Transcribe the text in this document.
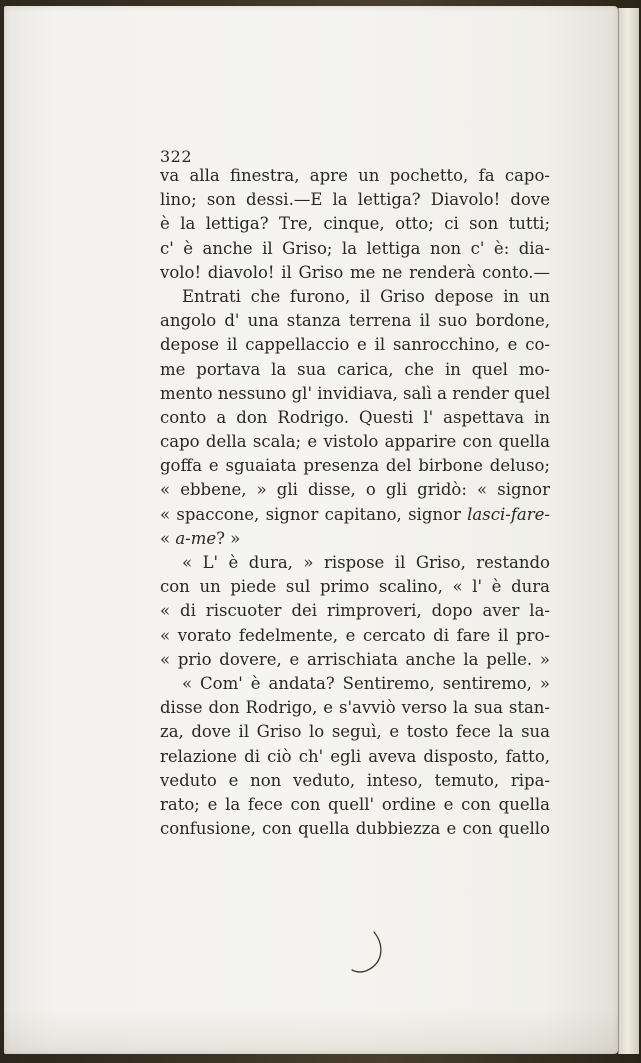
322
va alla finestra, apre un pochetto, fa capo-
lino; son dessi.—E la lettiga? Diavolo! dove
è la lettiga? Tre, cinque, otto; ci son tutti;
c' è anche il Griso; la lettiga non c' è: dia-
volo! diavolo! il Griso me ne renderà conto.—
Entrati che furono, il Griso depose in un
angolo d' una stanza terrena il suo bordone,
depose il cappellaccio e il sanrocchino, e co-
me portava la sua carica, che in quel mo-
mento nessuno gl' invidiava, salì a render quel
conto a don Rodrigo. Questi l' aspettava in
capo della scala; e vistolo apparire con quella
goffa e sguaiata presenza del birbone deluso;
« ebbene, » gli disse, o gli gridò: « signor
« spaccone, signor capitano, signor lasci-fare-
« a-me? »
« L' è dura, » rispose il Griso, restando
con un piede sul primo scalino, « l' è dura
« di riscuoter dei rimproveri, dopo aver la-
« vorato fedelmente, e cercato di fare il pro-
« prio dovere, e arrischiata anche la pelle. »
« Com' è andata? Sentiremo, sentiremo, »
disse don Rodrigo, e s'avviò verso la sua stan-
za, dove il Griso lo seguì, e tosto fece la sua
relazione di ciò ch' egli aveva disposto, fatto,
veduto e non veduto, inteso, temuto, ripa-
rato; e la fece con quell' ordine e con quella
confusione, con quella dubbiezza e con quello
